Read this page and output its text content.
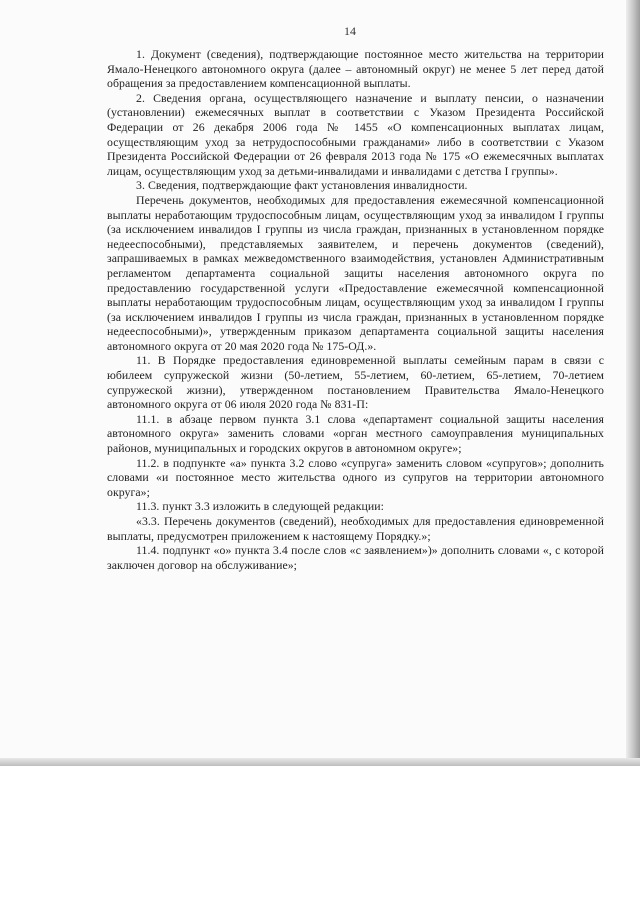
14

1. Документ (сведения), подтверждающие постоянное место жительства на территории Ямало-Ненецкого автономного округа (далее – автономный округ) не менее 5 лет перед датой обращения за предоставлением компенсационной выплаты.

2. Сведения органа, осуществляющего назначение и выплату пенсии, о назначении (установлении) ежемесячных выплат в соответствии с Указом Президента Российской Федерации от 26 декабря 2006 года № 1455 «О компенсационных выплатах лицам, осуществляющим уход за нетрудоспособными гражданами» либо в соответствии с Указом Президента Российской Федерации от 26 февраля 2013 года № 175 «О ежемесячных выплатах лицам, осуществляющим уход за детьми-инвалидами и инвалидами с детства I группы».

3. Сведения, подтверждающие факт установления инвалидности.

Перечень документов, необходимых для предоставления ежемесячной компенсационной выплаты неработающим трудоспособным лицам, осуществляющим уход за инвалидом I группы (за исключением инвалидов I группы из числа граждан, признанных в установленном порядке недееспособными), представляемых заявителем, и перечень документов (сведений), запрашиваемых в рамках межведомственного взаимодействия, установлен Административным регламентом департамента социальной защиты населения автономного округа по предоставлению государственной услуги «Предоставление ежемесячной компенсационной выплаты неработающим трудоспособным лицам, осуществляющим уход за инвалидом I группы (за исключением инвалидов I группы из числа граждан, признанных в установленном порядке недееспособными)», утвержденным приказом департамента социальной защиты населения автономного округа от 20 мая 2020 года № 175-ОД.».

11. В Порядке предоставления единовременной выплаты семейным парам в связи с юбилеем супружеской жизни (50-летием, 55-летием, 60-летием, 65-летием, 70-летием супружеской жизни), утвержденном постановлением Правительства Ямало-Ненецкого автономного округа от 06 июля 2020 года № 831-П:

11.1. в абзаце первом пункта 3.1 слова «департамент социальной защиты населения автономного округа» заменить словами «орган местного самоуправления муниципальных районов, муниципальных и городских округов в автономном округе»;

11.2. в подпункте «а» пункта 3.2 слово «супруга» заменить словом «супругов»; дополнить словами «и постоянное место жительства одного из супругов на территории автономного округа»;

11.3. пункт 3.3 изложить в следующей редакции:

«3.3. Перечень документов (сведений), необходимых для предоставления единовременной выплаты, предусмотрен приложением к настоящему Порядку.»;

11.4. подпункт «о» пункта 3.4 после слов «с заявлением»)» дополнить словами «, с которой заключен договор на обслуживание»;
